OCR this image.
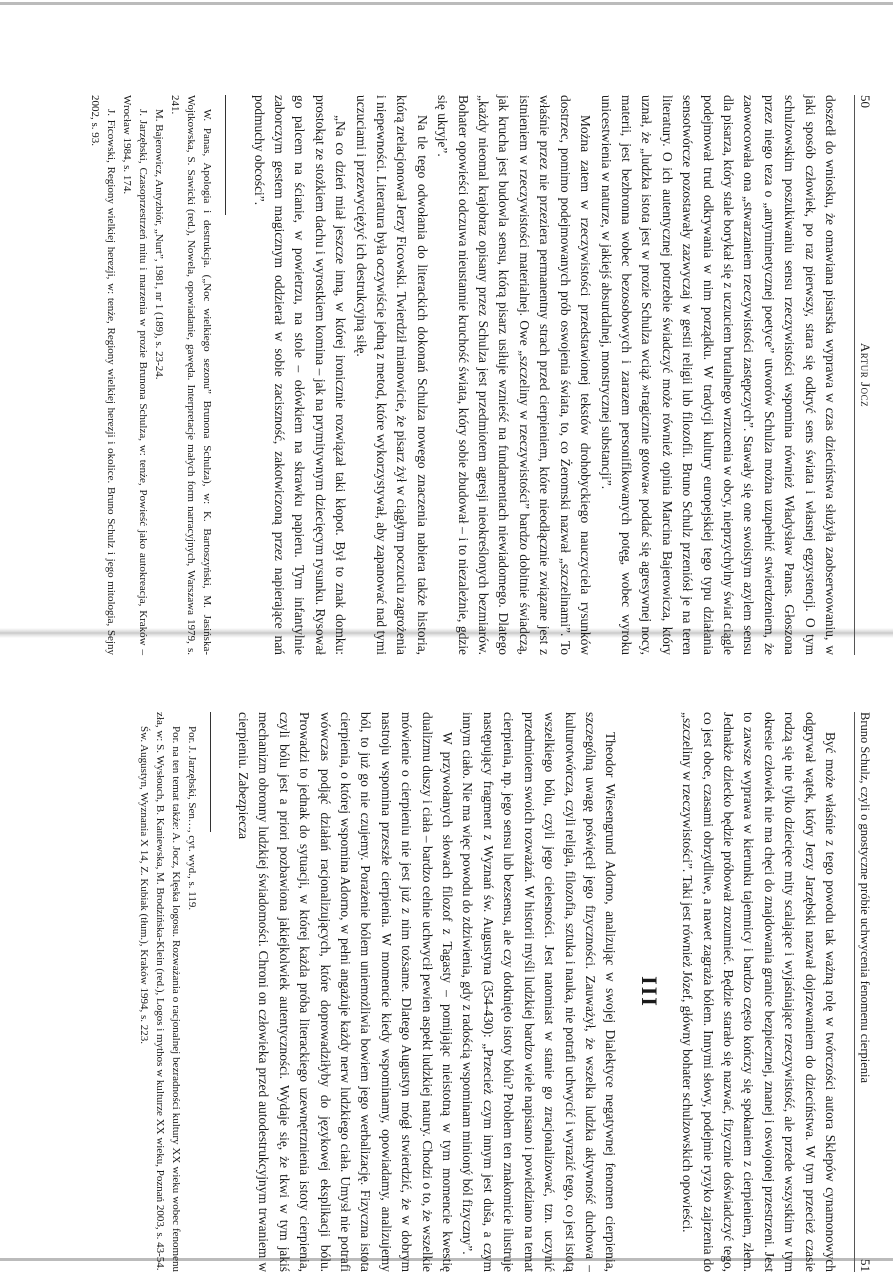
50
Artur Jocz

doszedł do wniosku, że omawiana pisarska wyprawa w czas dzieciństwa służyła zaobserwowaniu, w jaki sposób człowiek, po raz pierwszy, stara się odkryć sens świata i własnej egzystencji. O tym schulzowskim poszukiwaniu sensu rzeczywistości wspomina również Władysław Panas. Głoszona przez niego teza o „antymimetycznej poetyce” utworów Schulza można uzupełnić stwierdzeniem, że zaowocowała ona „stwarzaniem rzeczywistości zastępczych”. Stawały się one swoistym azylem sensu dla pisarza, który stale borykał się z uczuciem brutalnego wrzucenia w obcy, nieprzychylny świat ciągle podejmował trud odkrywania w nim porządku. W tradycji kultury europejskiej tego typu działania sensotwórcze pozostawały zazwyczaj w gestii religii lub filozofii. Bruno Schulz przeniósł je na teren literatury. O ich autentycznej potrzebie świadczyć może również opinia Marcina Bajerowicza, który uznał, że „ludzka istota jest w prozie Schulza wciąż »tragicznie gotowa« poddać się agresywnej nocy, materii, jest bezbronna wobec bezosobowych i zarazem personifikowanych potęg, wobec wyroku unicestwienia w naturze, w jakiejś absurdalnej, monstrycznej substancji”.

Można zatem w rzeczywistości przedstawionej tekstów drohobyckiego nauczyciela rysunków dostrzec, pomimo podejmowanych prób oswojenia świata, to, co Żeromski nazwał „szczelinami”. To właśnie przez nie przeziera permanentny strach przed cierpieniem, które nieodłącznie związane jest z istnieniem w rzeczywistości materialnej. Owe „szczeliny w rzeczywistości” bardzo dobitnie świadczą, jak krucha jest budowla sensu, którą pisarz usiłuje wznieść na fundamentach niewiadomego. Dlatego „każdy nieomal krajobraz opisany przez Schulza jest przedmiotem agresji nieokreślonych bezmiarów. Bohater opowieści odczuwa nieustannie kruchość świata, który sobie zbudował – i to niezależnie, gdzie się ukryje”.

Na tle tego odwołania do literackich dokonań Schulza nowego znaczenia nabiera także historia, którą zrelacjonował Jerzy Ficowski. Twierdził mianowicie, że pisarz żył w ciągłym poczuciu zagrożenia i niepewności. Literatura była oczywiście jedną z metod, które wykorzystywał, aby zapanować nad tymi uczuciami i przezwyciężyć ich destrukcyjną siłę.

„Na co dzień miał jeszcze inną, w której ironicznie rozwiązał taki kłopot. Był to znak domku: prostokąt ze stożkiem dachu i wyrostkiem komina – jak na prymitywnym dziecięcym rysunku. Rysował go palcem na ścianie, w powietrzu, na stole – ołówkiem na skrawku papieru. Tym infantylnie zaborczym gestem magicznym oddzierał w sobie zaciszność, zakotwiczoną przez napierające nań podmuchy obcości”.

W. Panas, Apologia i destrukcja. („Noc wielkiego sezonu” Brunona Schulza), w: K. Bartoszyński, M. Jasińska-Wojtkowska, S. Sawicki (red.), Nowela, opowiadanie, gawęda. Interpretacje małych form narracyjnych, Warszawa 1979, s. 241.

M. Bajerowicz, Antyzbiór, „Nurt”, 1981, nr 1 (189), s. 23-24.

J. Jarzębski, Czasoprzestrzeń mitu i marzenia w prozie Brunona Schulza, w: tenże, Powieść jako autokreacja, Kraków – Wrocław 1984, s. 174.

J. Ficowski, Regiony wielkiej herezji, w: tenże, Regiony wielkiej herezji i okolice. Bruno Schulz i jego mitologia, Sejny 2002, s. 93.

Bruno Schulz, czyli o gnostyczne próbie uchwycenia fenomenu cierpienia
51

Być może właśnie z tego powodu tak ważną rolę w twórczości autora Sklepów cynamonowych odgrywał wątek, który Jerzy Jarzębski nazwał dojrzewaniem do dzieciństwa. W tym przecież czasie rodzą się nie tylko dziecięce mity scalające i wyjaśniające rzeczywistość, ale przede wszystkim w tym okresie człowiek nie ma chęci do znajdowania granice bezpiecznej, znanej i oswojonej przestrzeni. Jest to zawsze wyprawa w kierunku tajemnicy i bardzo często kończy się spokaniem z cierpieniem, złem. Jednakże dziecko będzie próbował zrozumieć. Będzie starało się nazwać, fizycznie doświadczyć tego, co jest obce, czasami obrzydliwe, a nawet zagraża bólem. Innymi słowy, podejmie ryzyko zajrzenia do „szczeliny w rzeczywistości”. Taki jest również Józef, główny bohater schulzowskich opowieści.

III

Theodor Wiesengrund Adorno, analizując w swojej Dialektyce negatywnej fenomen cierpienia, szczególną uwagę poświęcił jego fizyczności. Zauważył, że wszelka ludzka aktywność duchowa – kulturotwórcza, czyli religia, filozofia, sztuka i nauka, nie potrafi uchwycić i wyrazić tego, co jest istotą wszelkiego bólu, czyli jego cielesności. Jest natomiast w stanie go zracjonalizować, tzn. uczynić przedmiotem swoich rozważań. W historii myśli ludzkiej bardzo wiele napisano i powiedziano na temat cierpienia, np. jego sensu lub bezsensu, ale czy dotknięto istoty bólu? Problem ten znakomicie ilustruje następujący fragment z Wyznań św. Augustyna (354-430): „Przecież czym innym jest duša, a czym innym ciało. Nie ma więc powodu do zdziwienia, gdy z radością wspominam minioný ból fizyczny”.

W przywołanych słowach filozof z Tagasty – pomijając nieistotną w tym momencie kwestię dualizmu duszy i ciała – bardzo celnie uchwycił pewien aspekt ludzkiej natury. Chodzi o to, że wszelkie mówienie o cierpieniu nie jest już z nim tożsame. Dlatego Augustyn mógł stwierdzić, że w dobrym nastroju wspomina przeszłe cierpienia. W momencie kiedy wspominamy, opowiadamy, analizujemy ból, to już go nie czujemy. Porażenie bólem uniemożliwia bowiem jego werbalizację. Fizyczna istota cierpienia, o której wspomina Adorno, w pełni angażuje każdy nerw ludzkiego ciała. Umysł nie potrafi wówczas podjąć działań racjonalizujących, które doprowadziłyby do językowej eksplikacji bólu. Prowadzi to jednak do sytuacji, w której każda próba literackiego uzewnętrznienia istoty cierpienia, czyli bólu jest a priori pozbawiona jakiejkolwiek autentyczności. Wydaje się, że tkwi w tym jakiś mechanizm obronny ludzkiej świadomości. Chroni on człowieka przed autodestrukcyjnym trwaniem w cierpieniu. Zabezpiecza

Por. J. Jarzębski, Sen…, cyt. wyd., s. 119.

Por. na ten temat także: A. Jocz, Klęska logosu. Rozważania o racjonalnej bezradności kultury XX wieku wobec fenomenu zła, w: S. Wysłouch, B. Kaniewska, M. Brodzińska-Klein (red.), Logos i mythos w kulturze XX wieku, Poznań 2003, s. 43-54.

Św. Augustyn, Wyznania X 14, Z. Kubiak (tłum.), Kraków 1994, s. 223.
